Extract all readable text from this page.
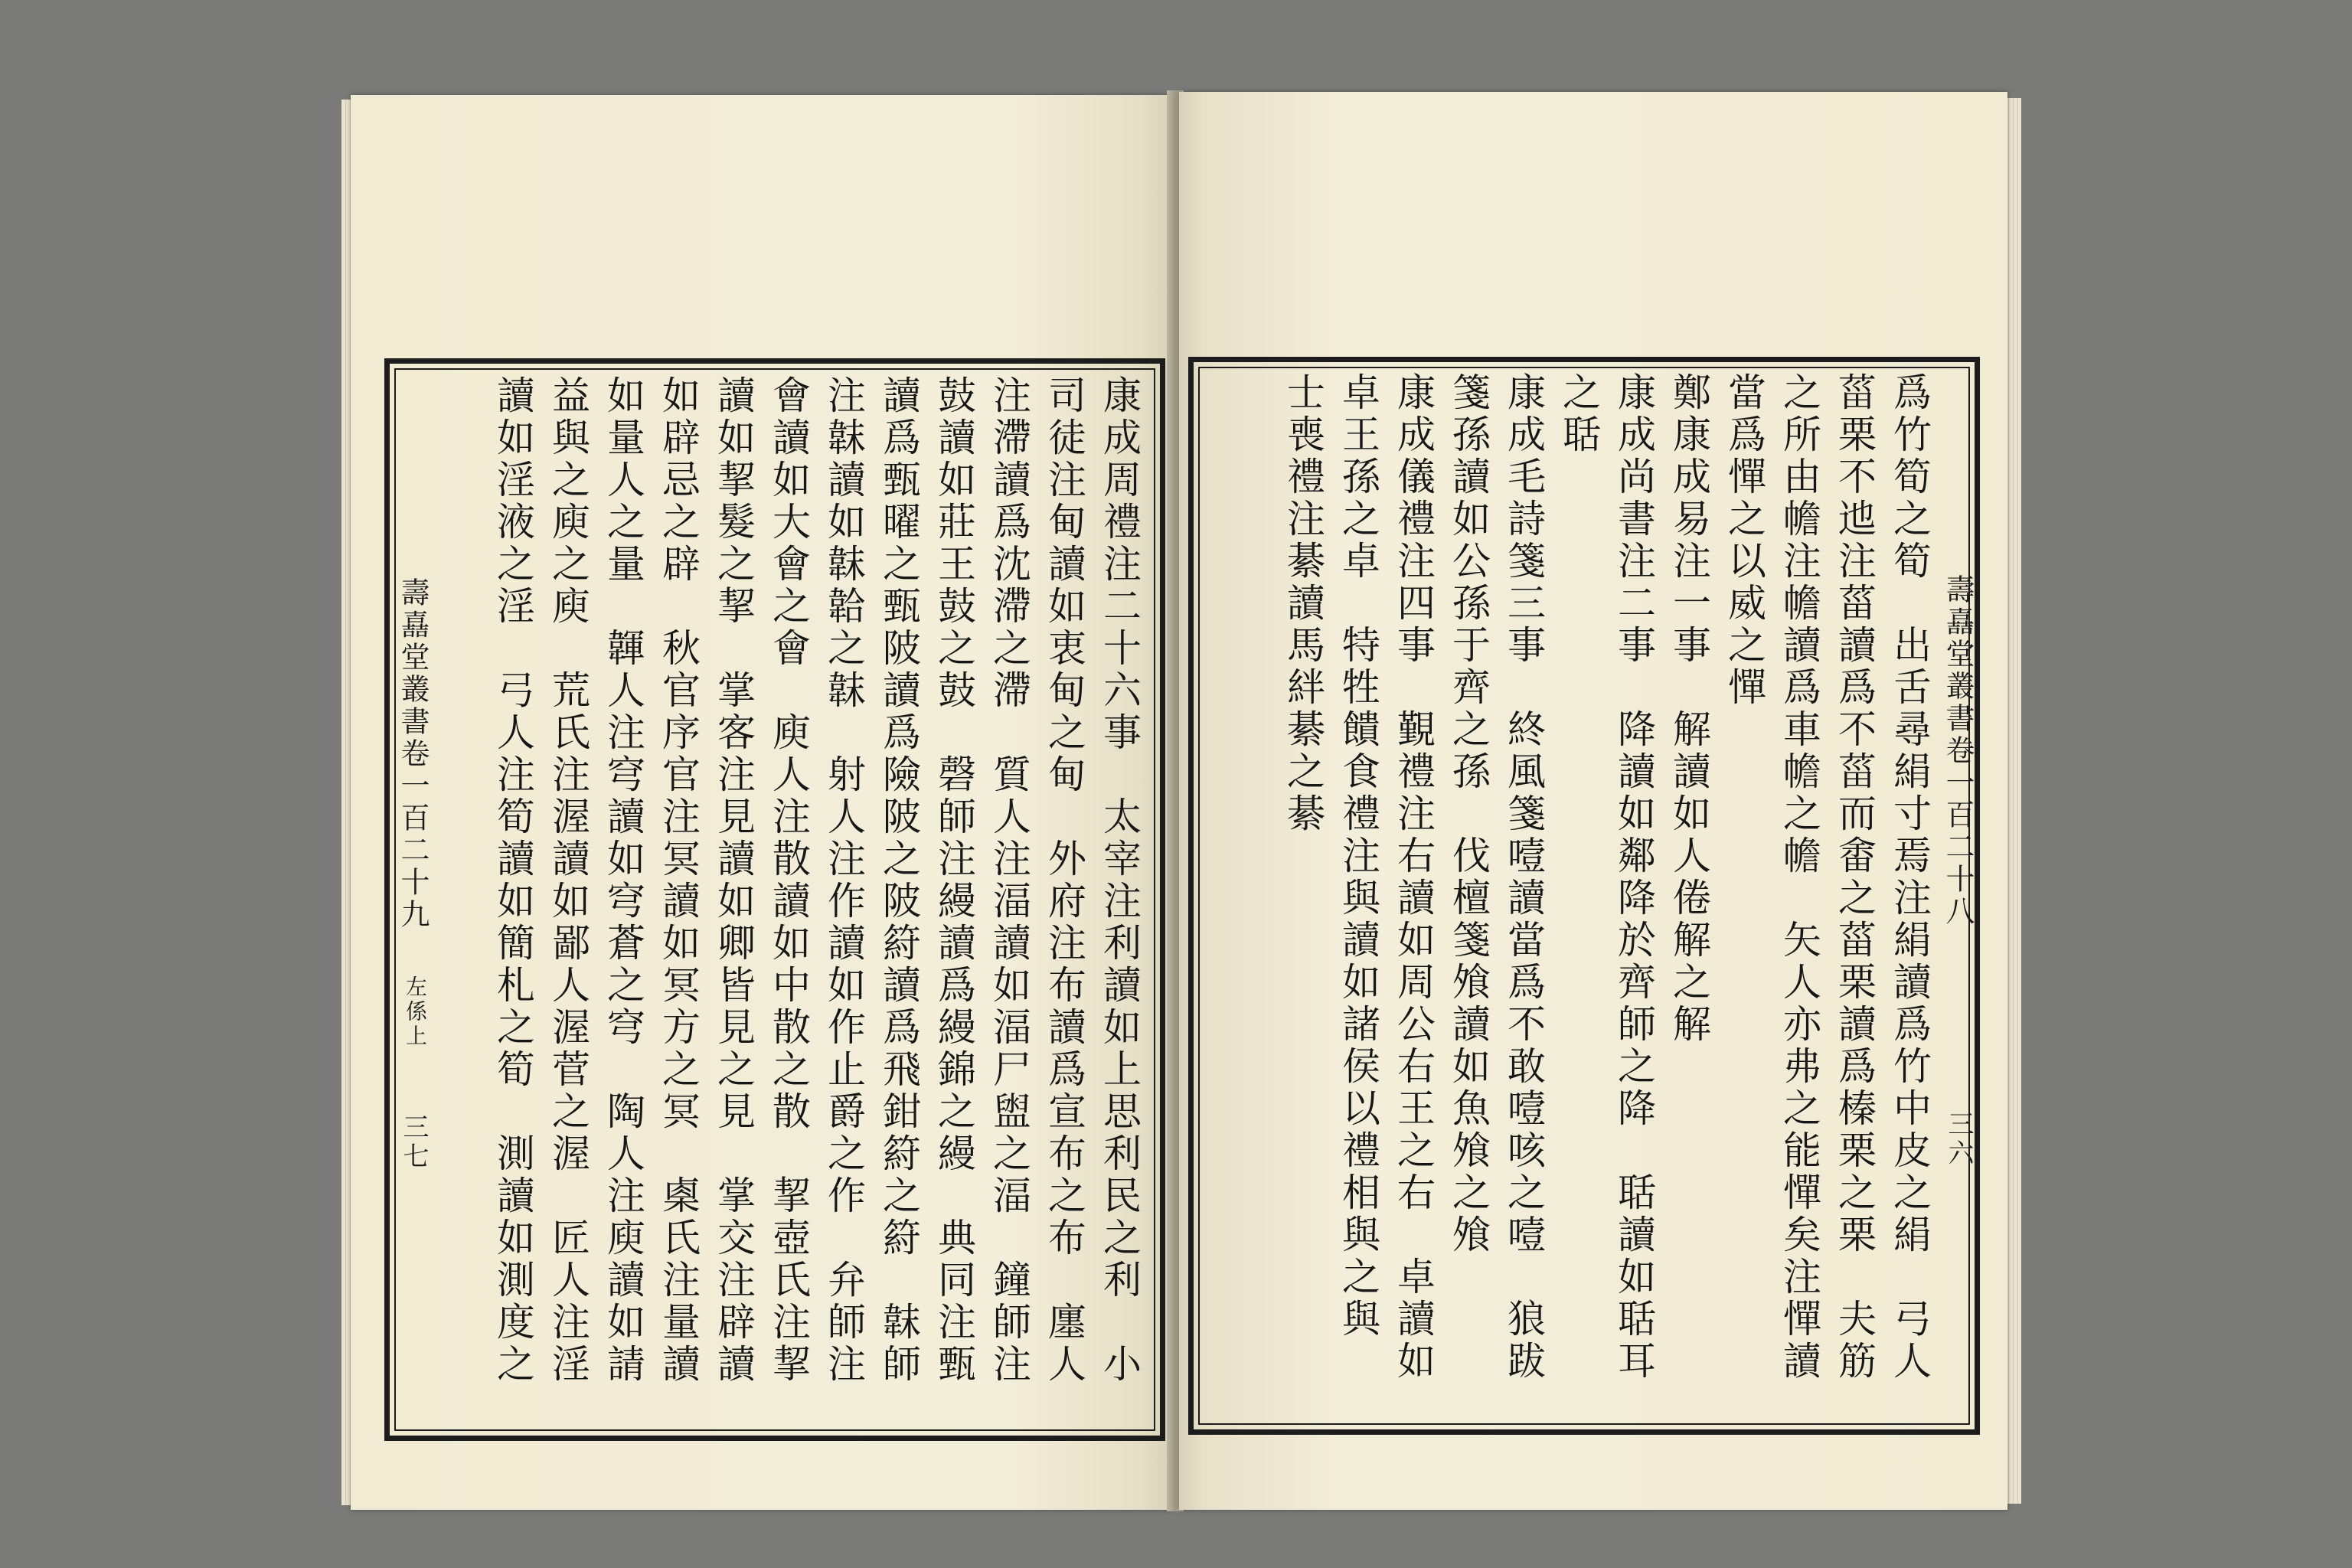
壽嚞堂叢書卷一百二十九
左係上
三七	康成周禮注二十六事　太宰注利讀如上思利民之利　小
司徒注甸讀如衷甸之甸　外府注布讀爲宣布之布　廛人
注滯讀爲沈滯之滯　質人注湢讀如湢尸盥之湢　鐘師注
鼓讀如莊王鼓之鼓　磬師注縵讀爲縵錦之縵　典同注甄
讀爲甄曜之甄陂讀爲險陂之陂䈙讀爲飛鉗䈙之䈙　韎師
注韎讀如韎韐之韎　射人注作讀如作止爵之作　弁師注
會讀如大會之會　庾人注散讀如中散之散　挈壺氏注挈
讀如挈髮之挈　掌客注見讀如卿皆見之見　掌交注辟讀
如辟忌之辟　秋官序官注冥讀如冥方之冥　㮚氏注量讀
如量人之量　韗人注穹讀如穹蒼之穹　陶人注庾讀如請
益與之庾之庾　荒氏注渥讀如鄙人渥菅之渥　匠人注淫
讀如淫液之淫　弓人注筍讀如簡札之筍　測讀如測度之	壽嚞堂叢書卷一百二十八
三六
爲竹筍之筍　出舌尋絹寸焉注絹讀爲竹中皮之絹　弓人
菑栗不迆注菑讀爲不菑而畬之菑栗讀爲榛栗之栗　夫筋
之所由幨注幨讀爲車幨之幨　矢人亦弗之能憚矣注憚讀
當爲憚之以威之憚
鄭康成易注一事　解讀如人倦解之解
康成尚書注二事　降讀如鄰降於齊師之降　聒讀如聒耳
之聒
康成毛詩箋三事　終風箋噎讀當爲不敢噎咳之噎　狼跋
箋孫讀如公孫于齊之孫　伐檀箋飧讀如魚飧之飧
康成儀禮注四事　覲禮注右讀如周公右王之右　卓讀如
卓王孫之卓　特牲饋食禮注與讀如諸侯以禮相與之與
士喪禮注綦讀馬絆綦之綦
